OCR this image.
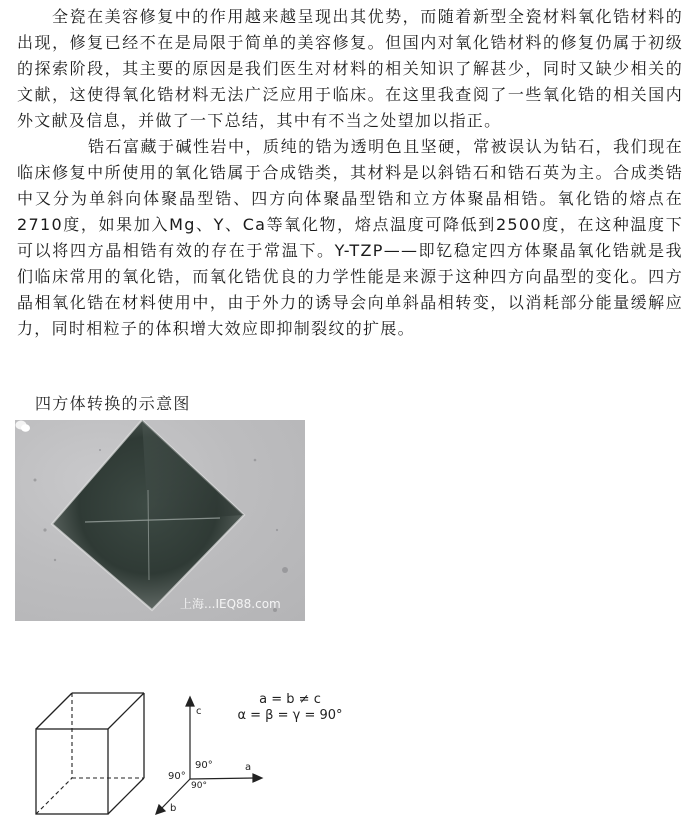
全瓷在美容修复中的作用越来越呈现出其优势，而随着新型全瓷材料氧化锆材料的出现，修复已经不在是局限于简单的美容修复。但国内对氧化锆材料的修复仍属于初级的探索阶段，其主要的原因是我们医生对材料的相关知识了解甚少，同时又缺少相关的文献，这使得氧化锆材料无法广泛应用于临床。在这里我查阅了一些氧化锆的相关国内外文献及信息，并做了一下总结，其中有不当之处望加以指正。

锆石富藏于碱性岩中，质纯的锆为透明色且坚硬，常被误认为钻石，我们现在临床修复中所使用的氧化锆属于合成锆类，其材料是以斜锆石和锆石英为主。合成类锆中又分为单斜向体聚晶型锆、四方向体聚晶型锆和立方体聚晶相锆。氧化锆的熔点在2710度，如果加入Mg、Y、Ca等氧化物，熔点温度可降低到2500度，在这种温度下可以将四方晶相锆有效的存在于常温下。Y-TZP——即钇稳定四方体聚晶氧化锆就是我们临床常用的氧化锆，而氧化锆优良的力学性能是来源于这种四方向晶型的变化。四方晶相氧化锆在材料使用中，由于外力的诱导会向单斜晶相转变，以消耗部分能量缓解应力，同时相粒子的体积增大效应即抑制裂纹的扩展。

四方体转换的示意图
上海...IEQ88.com
c
a
b
90°
90°
90°
a = b ≠ c
α = β = γ = 90°
